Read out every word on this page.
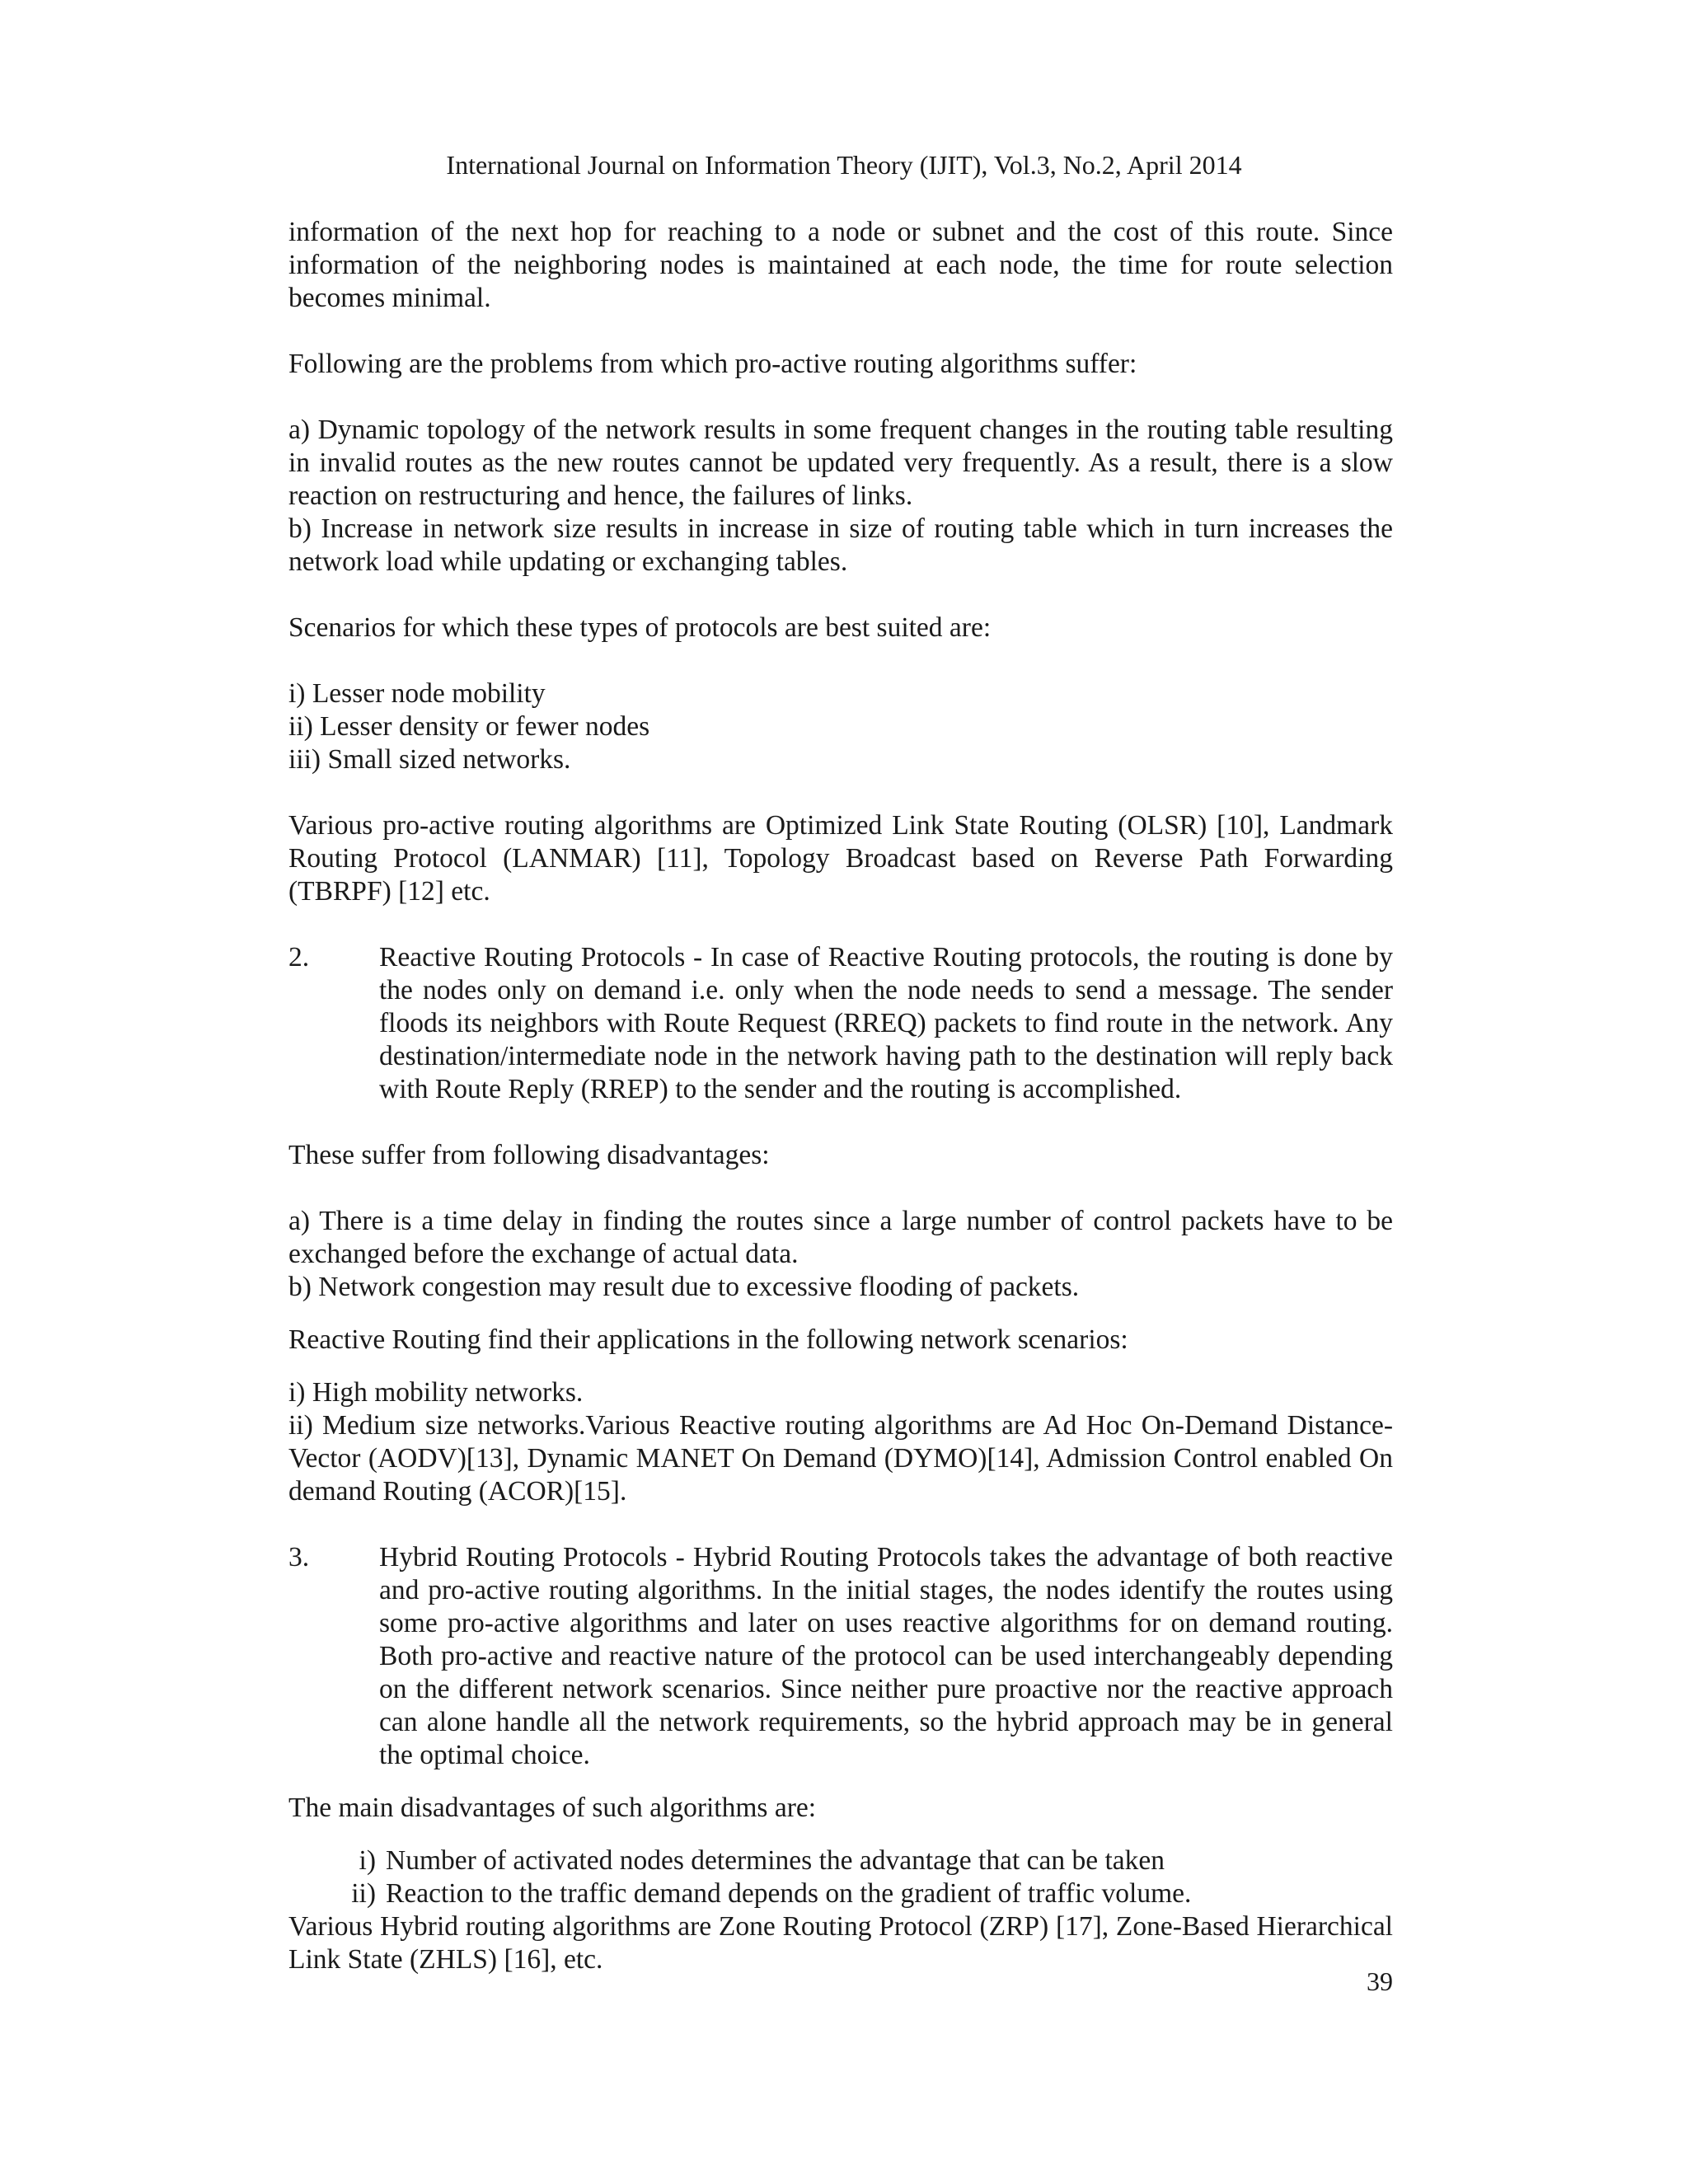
International Journal on Information Theory (IJIT), Vol.3, No.2, April 2014

information of the next hop for reaching to a node or subnet and the cost of this route. Since information of the neighboring nodes is maintained at each node, the time for route selection becomes minimal.

Following are the problems from which pro-active routing algorithms suffer:

a) Dynamic topology of the network results in some frequent changes in the routing table resulting in invalid routes as the new routes cannot be updated very frequently. As a result, there is a slow reaction on restructuring and hence, the failures of links.

b) Increase in network size results in increase in size of routing table which in turn increases the network load while updating or exchanging tables.

Scenarios for which these types of protocols are best suited are:

i) Lesser node mobility

ii) Lesser density or fewer nodes

iii) Small sized networks.

Various pro-active routing algorithms are Optimized Link State Routing (OLSR) [10], Landmark Routing Protocol (LANMAR) [11], Topology Broadcast based on Reverse Path Forwarding (TBRPF) [12] etc.

2.	Reactive Routing Protocols - In case of Reactive Routing protocols, the routing is done by the nodes only on demand i.e. only when the node needs to send a message. The sender floods its neighbors with Route Request (RREQ) packets to find route in the network. Any destination/intermediate node in the network having path to the destination will reply back with Route Reply (RREP) to the sender and the routing is accomplished.

These suffer from following disadvantages:

a) There is a time delay in finding the routes since a large number of control packets have to be exchanged before the exchange of actual data.

b) Network congestion may result due to excessive flooding of packets.

Reactive Routing find their applications in the following network scenarios:

i) High mobility networks.

ii) Medium size networks.Various Reactive routing algorithms are Ad Hoc On-Demand Distance-Vector (AODV)[13], Dynamic MANET On Demand (DYMO)[14], Admission Control enabled On demand Routing (ACOR)[15].

3.	Hybrid Routing Protocols - Hybrid Routing Protocols takes the advantage of both reactive and pro-active routing algorithms. In the initial stages, the nodes identify the routes using some pro-active algorithms and later on uses reactive algorithms for on demand routing. Both pro-active and reactive nature of the protocol can be used interchangeably depending on the different network scenarios. Since neither pure proactive nor the reactive approach can alone handle all the network requirements, so the hybrid approach may be in general the optimal choice.

The main disadvantages of such algorithms are:

i) Number of activated nodes determines the advantage that can be taken
ii) Reaction to the traffic demand depends on the gradient of traffic volume.

Various Hybrid routing algorithms are Zone Routing Protocol (ZRP) [17], Zone-Based Hierarchical Link State (ZHLS) [16], etc.

39
